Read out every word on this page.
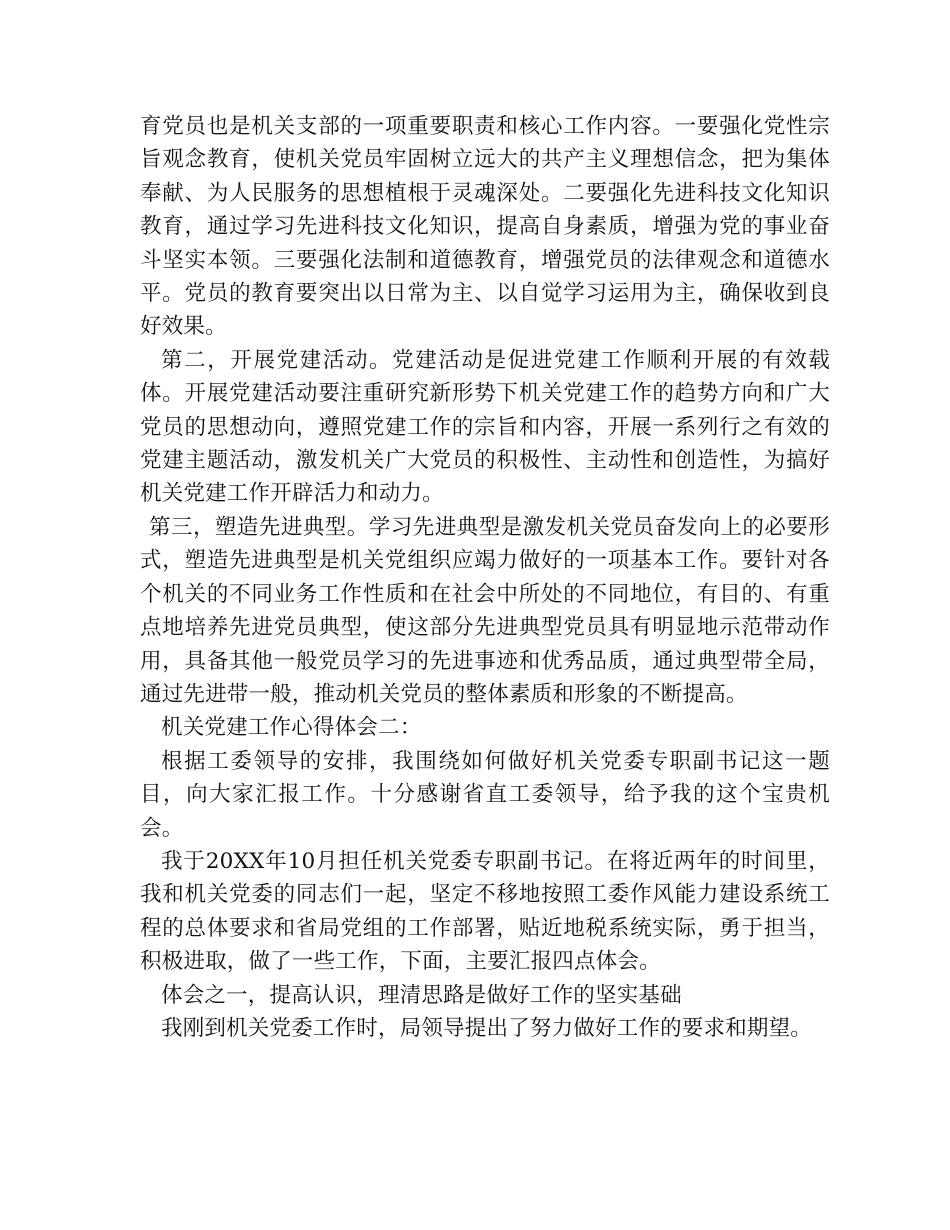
育党员也是机关支部的一项重要职责和核心工作内容。一要强化党性宗旨观念教育，使机关党员牢固树立远大的共产主义理想信念，把为集体奉献、为人民服务的思想植根于灵魂深处。二要强化先进科技文化知识教育，通过学习先进科技文化知识，提高自身素质，增强为党的事业奋斗坚实本领。三要强化法制和道德教育，增强党员的法律观念和道德水平。党员的教育要突出以日常为主、以自觉学习运用为主，确保收到良好效果。

第二，开展党建活动。党建活动是促进党建工作顺利开展的有效载体。开展党建活动要注重研究新形势下机关党建工作的趋势方向和广大党员的思想动向，遵照党建工作的宗旨和内容，开展一系列行之有效的党建主题活动，激发机关广大党员的积极性、主动性和创造性，为搞好机关党建工作开辟活力和动力。

第三，塑造先进典型。学习先进典型是激发机关党员奋发向上的必要形式，塑造先进典型是机关党组织应竭力做好的一项基本工作。要针对各个机关的不同业务工作性质和在社会中所处的不同地位，有目的、有重点地培养先进党员典型，使这部分先进典型党员具有明显地示范带动作用，具备其他一般党员学习的先进事迹和优秀品质，通过典型带全局，通过先进带一般，推动机关党员的整体素质和形象的不断提高。

机关党建工作心得体会二：

根据工委领导的安排，我围绕如何做好机关党委专职副书记这一题目，向大家汇报工作。十分感谢省直工委领导，给予我的这个宝贵机会。

我于20XX年10月担任机关党委专职副书记。在将近两年的时间里，我和机关党委的同志们一起，坚定不移地按照工委作风能力建设系统工程的总体要求和省局党组的工作部署，贴近地税系统实际，勇于担当，积极进取，做了一些工作，下面，主要汇报四点体会。

体会之一，提高认识，理清思路是做好工作的坚实基础

我刚到机关党委工作时，局领导提出了努力做好工作的要求和期望。
